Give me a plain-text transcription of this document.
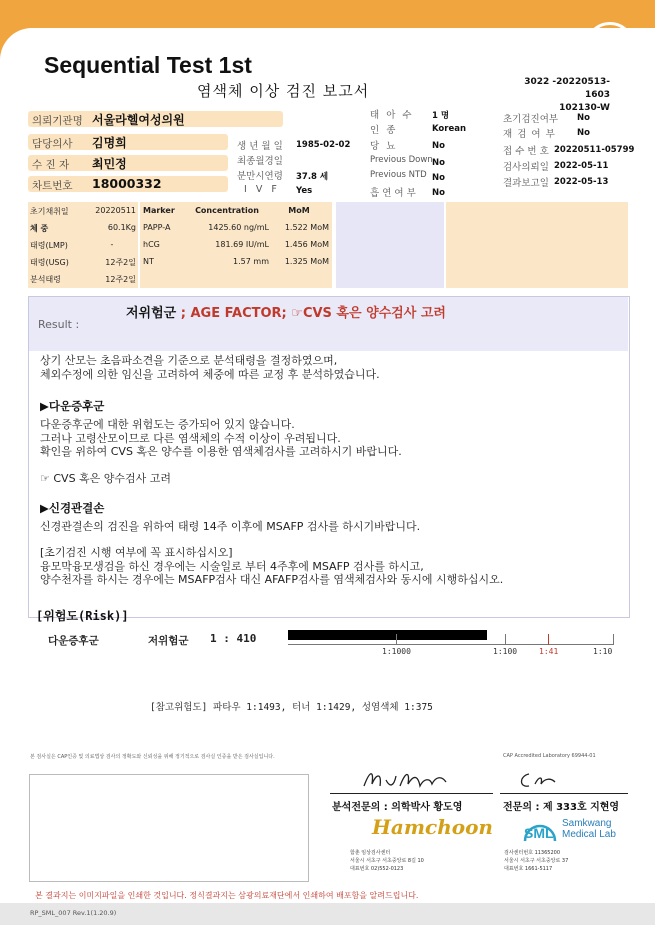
SML
Sequential Test 1st
염색체 이상 검진 보고서	3022 -20220513-1603
102130-W
의뢰기관명 서울라헬여성의원
담당의사 김명희
수 진 자 최민정
차트번호 18000332
생 년 월 일 1985-02-02
최종월경일
분만시연령 37.8 세
I V F Yes
태 아 수 1 명
인 종	Korean
당 뇨	No
Previous Down No
Previous NTD No
흡 연 여 부 No
초기검진여부 No
재 검 여 부 No
접 수 번 호 20220511-05799
검사의뢰일 2022-05-11
결과보고일 2022-05-13
초기채취일	20220511
체 중	60.1Kg
태령(LMP)	-
태령(USG)	12주2일
분석태령	12주2일
Marker	Concentration	MoM
PAPP-A	1425.60 ng/mL	1.522 MoM
hCG	181.69 IU/mL	1.456 MoM
NT	1.57 mm	1.325 MoM
Result :
저위험군 ; AGE FACTOR; ☞CVS 혹은 양수검사 고려
상기 산모는 초음파소견을 기준으로 분석태령을 결정하였으며,
체외수정에 의한 임신을 고려하여 체중에 따른 교정 후 분석하였습니다.
▶다운증후군
다운증후군에 대한 위험도는 증가되어 있지 않습니다.
그러나 고령산모이므로 다른 염색체의 수적 이상이 우려됩니다.
확인을 위하여 CVS 혹은 양수를 이용한 염색체검사를 고려하시기 바랍니다.
☞ CVS 혹은 양수검사 고려
▶신경관결손
신경관결손의 검진을 위하여 태령 14주 이후에 MSAFP 검사를 하시기바랍니다.
[초기검진 시행 여부에 꼭 표시하십시오]
융모막융모생검을 하신 경우에는 시술일로 부터 4주후에 MSAFP 검사를 하시고,
양수천자를 하시는 경우에는 MSAFP검사 대신 AFAFP검사를 염색체검사와 동시에 시행하십시오.
[위험도(Risk)]
다운증후군	저위험군 1 : 410
1:1000	1:100	1:41	1:10
[참고위험도] 파타우 1:1493, 터너 1:1429, 성염색체 1:375
본 검사실은 CAP인증 및 의료법상 검사의 정확도와 신뢰성을 위해 정기적으로 검사실 인증을 받은 검사실입니다.	CAP Accredited Laboratory 69944-01
분석전문의 : 의학박사 황도영
Hamchoon
함춘 임상검사센터
서울시 서초구 서초중앙로 8길 10
대표번호 02)552-0123
전문의 : 제 333호 지현영
SML
Samkwang
Medical Lab
검사센터번호 11365200
서울시 서초구 서초중앙로 37
대표번호 1661-5117
본 결과지는 이미지파일을 인쇄한 것입니다. 정식결과지는 삼광의료재단에서 인쇄하여 배포함을 알려드립니다.
RP_SML_007 Rev.1(1.20.9)
